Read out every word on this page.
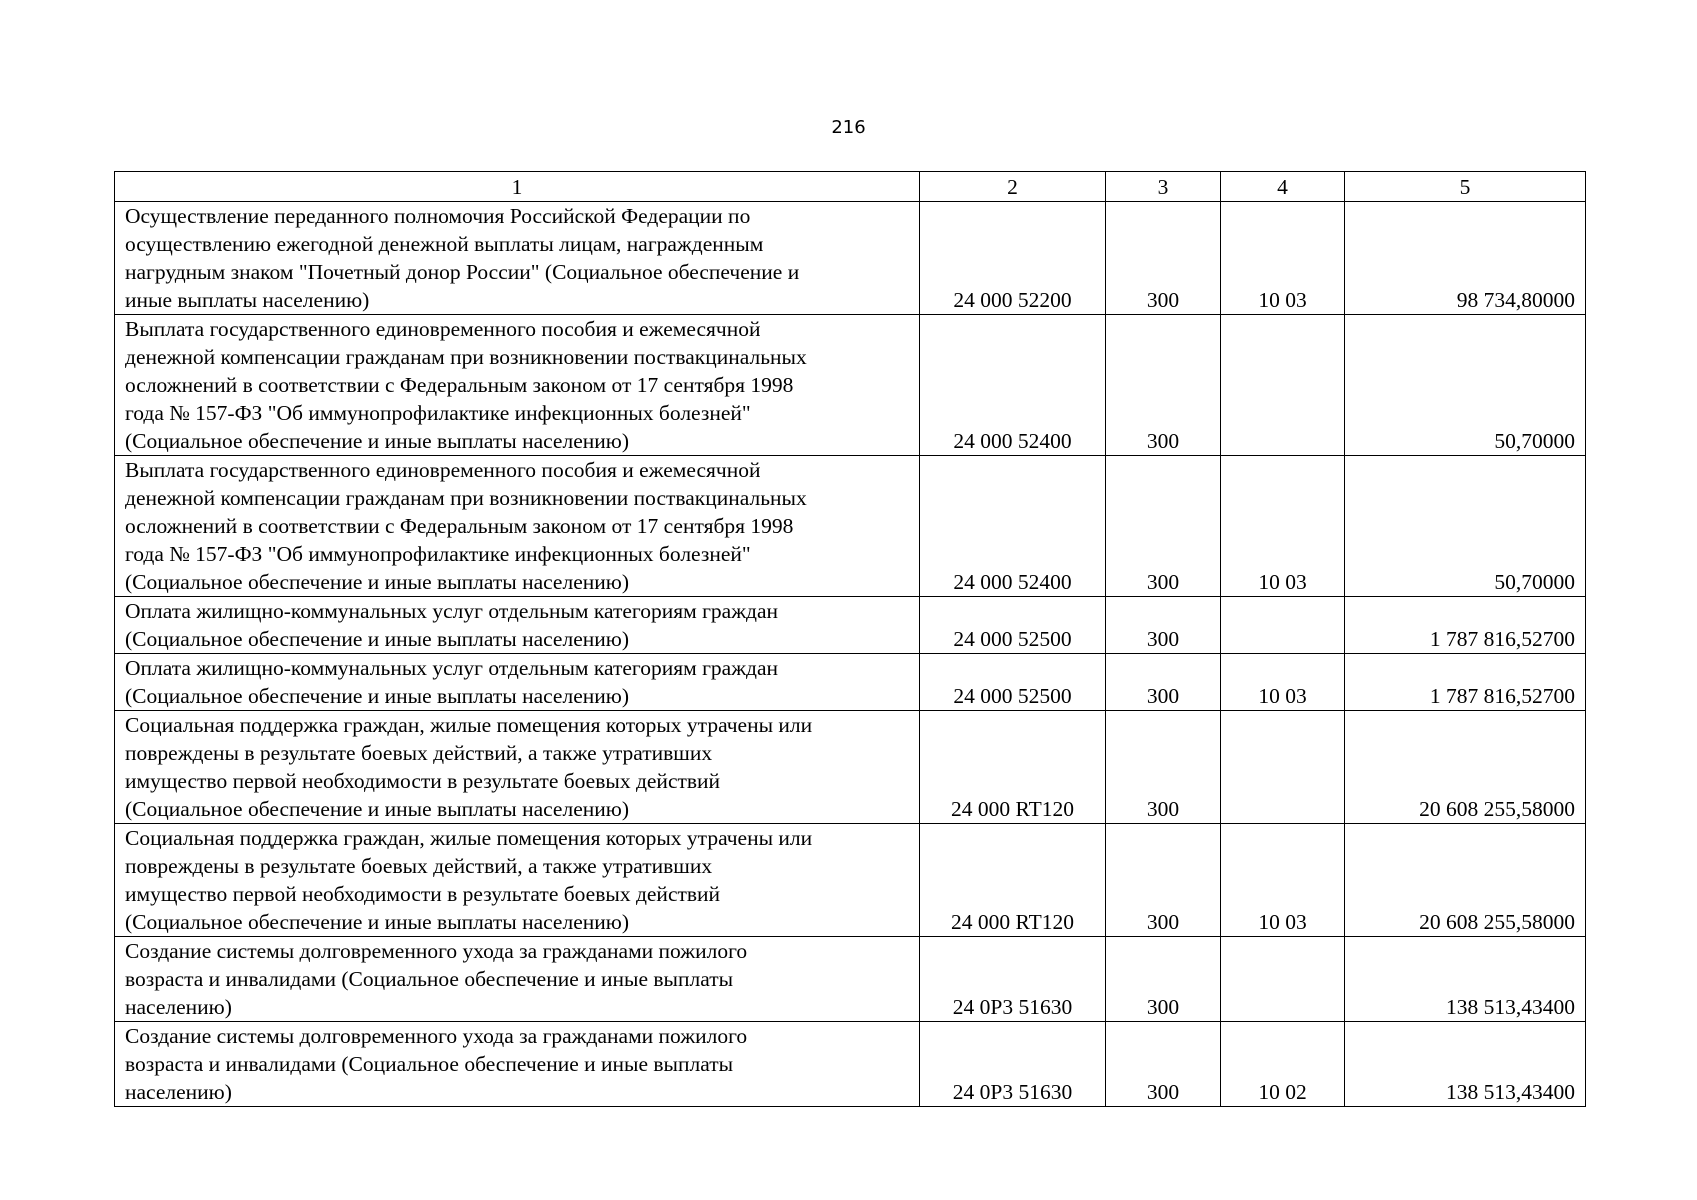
216
1	2	3	4	5

Осуществление переданного полномочия Российской Федерации по
осуществлению ежегодной денежной выплаты лицам, награжденным
нагрудным знаком "Почетный донор России" (Социальное обеспечение и
иные выплаты населению)	24 000 52200	300	10 03	98 734,80000

Выплата государственного единовременного пособия и ежемесячной
денежной компенсации гражданам при возникновении поствакцинальных
осложнений в соответствии с Федеральным законом от 17 сентября 1998
года № 157-ФЗ "Об иммунопрофилактике инфекционных болезней"
(Социальное обеспечение и иные выплаты населению)	24 000 52400	300		50,70000

Выплата государственного единовременного пособия и ежемесячной
денежной компенсации гражданам при возникновении поствакцинальных
осложнений в соответствии с Федеральным законом от 17 сентября 1998
года № 157-ФЗ "Об иммунопрофилактике инфекционных болезней"
(Социальное обеспечение и иные выплаты населению)	24 000 52400	300	10 03	50,70000

Оплата жилищно-коммунальных услуг отдельным категориям граждан
(Социальное обеспечение и иные выплаты населению)	24 000 52500	300		1 787 816,52700

Оплата жилищно-коммунальных услуг отдельным категориям граждан
(Социальное обеспечение и иные выплаты населению)	24 000 52500	300	10 03	1 787 816,52700

Социальная поддержка граждан, жилые помещения которых утрачены или
повреждены в результате боевых действий, а также утративших
имущество первой необходимости в результате боевых действий
(Социальное обеспечение и иные выплаты населению)	24 000 RT120	300		20 608 255,58000

Социальная поддержка граждан, жилые помещения которых утрачены или
повреждены в результате боевых действий, а также утративших
имущество первой необходимости в результате боевых действий
(Социальное обеспечение и иные выплаты населению)	24 000 RT120	300	10 03	20 608 255,58000

Создание системы долговременного ухода за гражданами пожилого
возраста и инвалидами (Социальное обеспечение и иные выплаты
населению)	24 0P3 51630	300		138 513,43400

Создание системы долговременного ухода за гражданами пожилого
возраста и инвалидами (Социальное обеспечение и иные выплаты
населению)	24 0P3 51630	300	10 02	138 513,43400
